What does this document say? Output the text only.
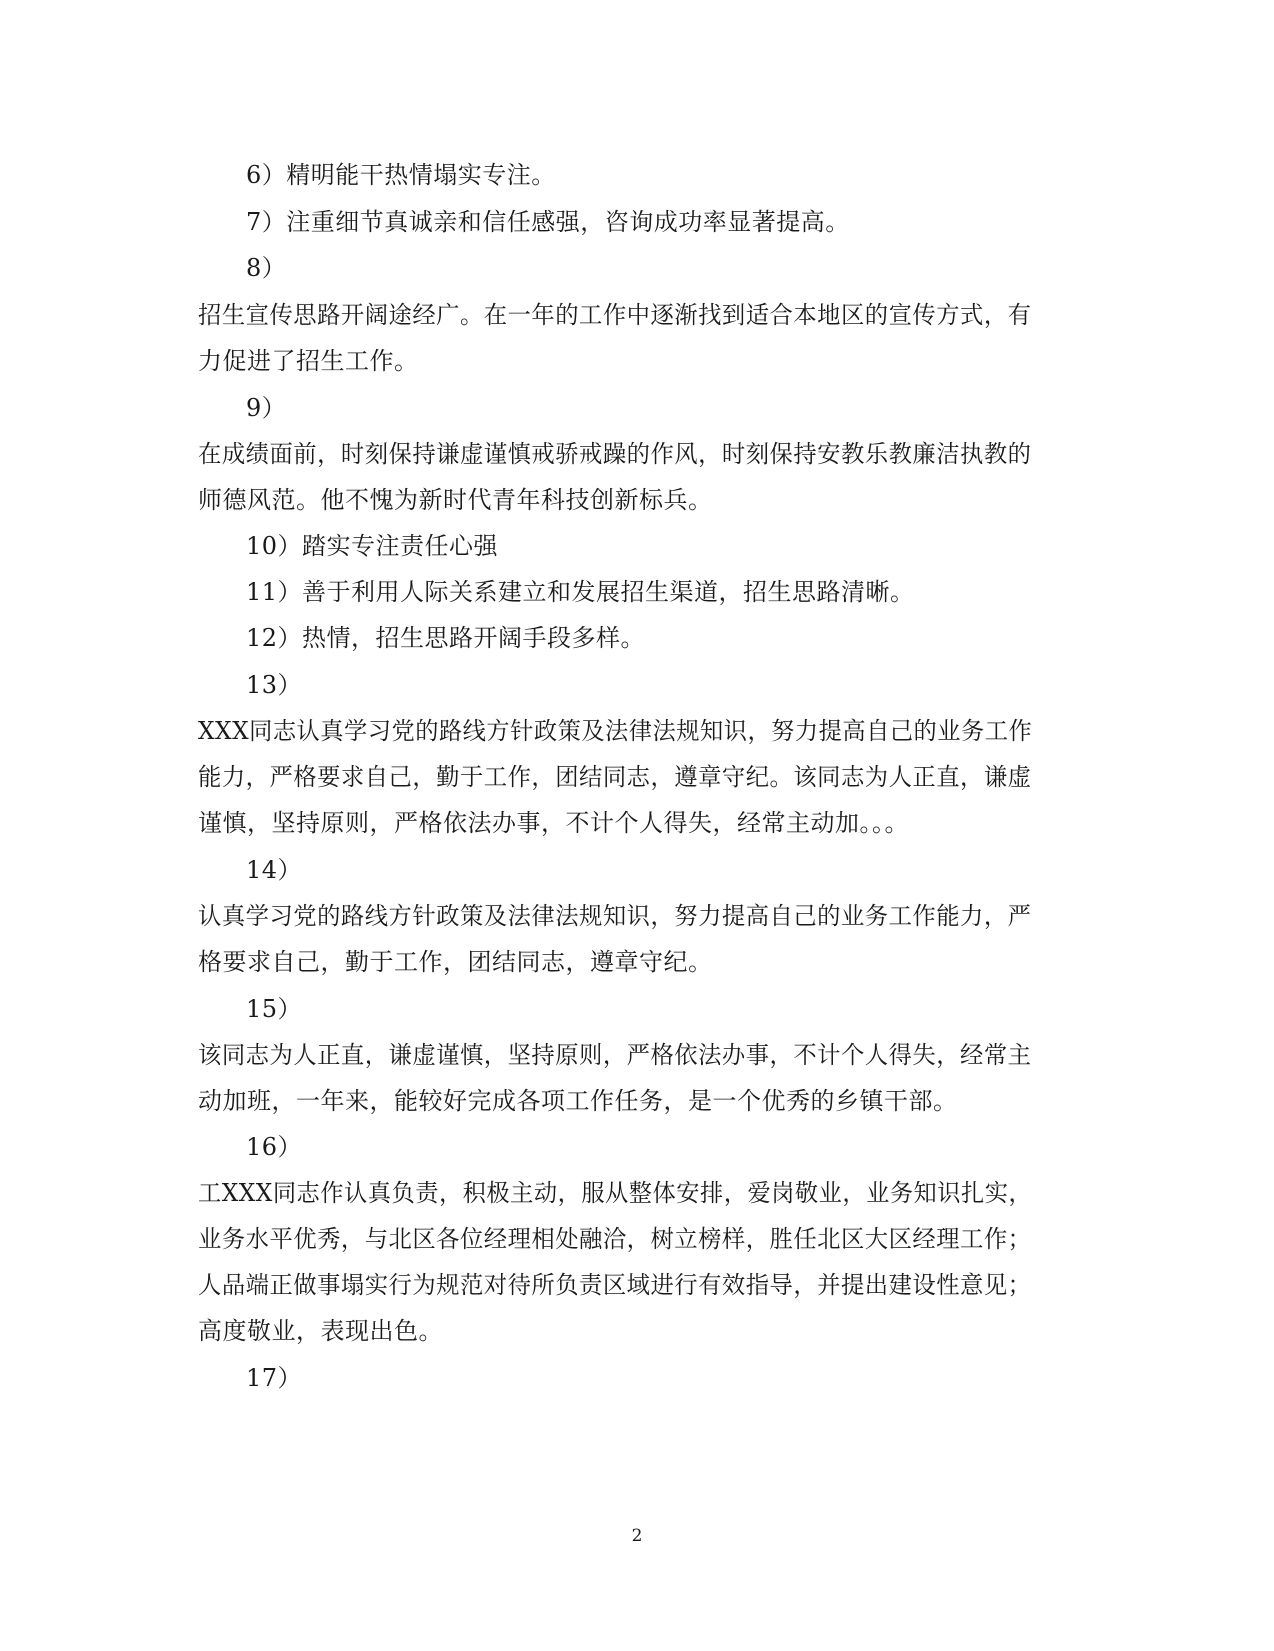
6）精明能干热情塌实专注。
7）注重细节真诚亲和信任感强，咨询成功率显著提高。
8）
招生宣传思路开阔途经广。在一年的工作中逐渐找到适合本地区的宣传方式，有
力促进了招生工作。
9）
在成绩面前，时刻保持谦虚谨慎戒骄戒躁的作风，时刻保持安教乐教廉洁执教的
师德风范。他不愧为新时代青年科技创新标兵。
10）踏实专注责任心强
11）善于利用人际关系建立和发展招生渠道，招生思路清晰。
12）热情，招生思路开阔手段多样。
13）
XXX同志认真学习党的路线方针政策及法律法规知识，努力提高自己的业务工作
能力，严格要求自己，勤于工作，团结同志，遵章守纪。该同志为人正直，谦虚
谨慎，坚持原则，严格依法办事，不计个人得失，经常主动加。。。
14）
认真学习党的路线方针政策及法律法规知识，努力提高自己的业务工作能力，严
格要求自己，勤于工作，团结同志，遵章守纪。
15）
该同志为人正直，谦虚谨慎，坚持原则，严格依法办事，不计个人得失，经常主
动加班，一年来，能较好完成各项工作任务，是一个优秀的乡镇干部。
16）
工XXX同志作认真负责，积极主动，服从整体安排，爱岗敬业，业务知识扎实，
业务水平优秀，与北区各位经理相处融洽，树立榜样，胜任北区大区经理工作；
人品端正做事塌实行为规范对待所负责区域进行有效指导，并提出建设性意见；
高度敬业，表现出色。
17）
2
